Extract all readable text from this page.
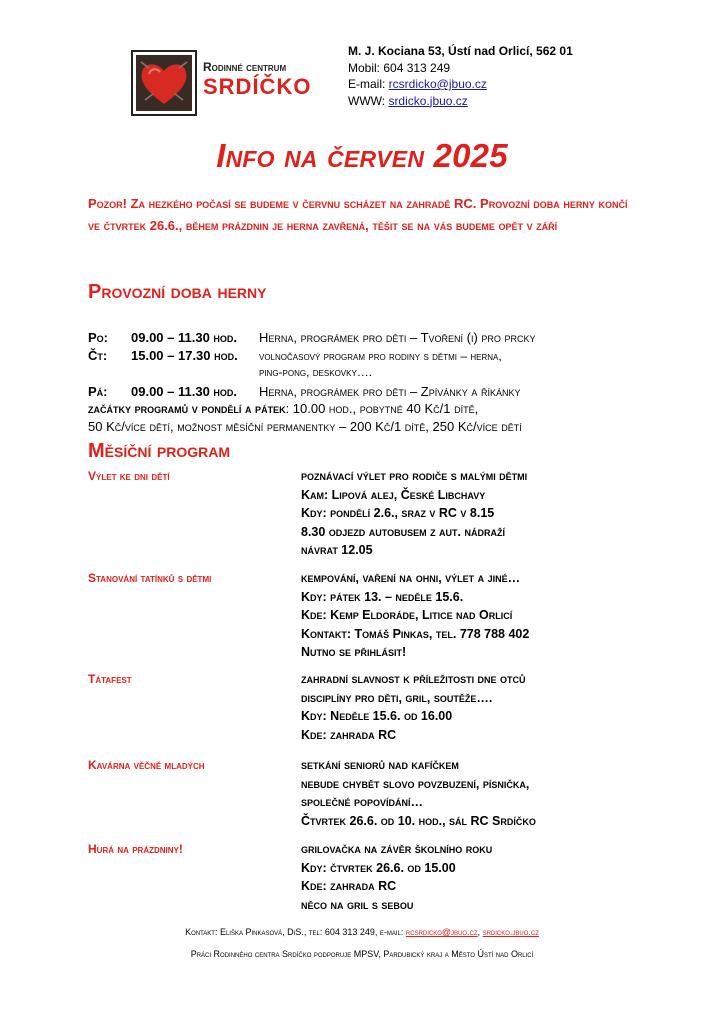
Rodinné centrum
SRDÍČKO
M. J. Kociana 53, Ústí nad Orlicí, 562 01
Mobil: 604 313 249
E-mail: rcsrdicko@jbuo.cz
WWW: srdicko.jbuo.cz
Info na červen 2025
Pozor! Za hezkého počasí se budeme v červnu scházet na zahradě RC. Provozní doba herny končí ve čtvrtek 26.6., během prázdnin je herna zavřená, těšit se na vás budeme opět v září
Provozní doba herny
Po: 09.00 – 11.30 hod. Herna, prográmek pro děti – Tvoření (i) pro prcky
Čt: 15.00 – 17.30 hod. volnočasový program pro rodiny s dětmi – herna,
ping-pong, deskovky….
Pá: 09.00 – 11.30 hod. Herna, prográmek pro děti – Zpívánky a říkánky
začátky programů v pondělí a pátek: 10.00 hod., pobytné 40 Kč/1 dítě,
50 Kč/více dětí, možnost měsíční permanentky – 200 Kč/1 dítě, 250 Kč/více dětí
Měsíční program
Výlet ke dni dětí	poznávací výlet pro rodiče s malými dětmi
Kam: Lipová alej, České Libchavy
Kdy: pondělí 2.6., sraz v RC v 8.15
8.30 odjezd autobusem z aut. nádraží
návrat 12.05
Stanování tatínků s dětmi	kempování, vaření na ohni, výlet a jiné…
Kdy: pátek 13. – neděle 15.6.
Kde: Kemp Eldoráde, Litice nad Orlicí
Kontakt: Tomáš Pinkas, tel. 778 788 402
Nutno se přihlásit!
Tátafest	zahradní slavnost k příležitosti dne otců
disciplíny pro děti, gril, soutěže….
Kdy: Neděle 15.6. od 16.00
Kde: zahrada RC
Kavárna věčně mladých	setkání seniorů nad kafíčkem
nebude chybět slovo povzbuzení, písnička,
společné popovídání…
Čtvrtek 26.6. od 10. hod., sál RC Srdíčko
Hurá na prázdniny!	grilovačka na závěr školního roku
Kdy: čtvrtek 26.6. od 15.00
Kde: zahrada RC
něco na gril s sebou
Kontakt: Eliška Pinkasová, DiS., tel: 604 313 249, e-mail: rcsrdicko@jbuo.cz, srdicko.jbuo.cz
Práci Rodinného centra Srdíčko podporuje MPSV, Pardubický kraj a Město Ústí nad Orlicí
